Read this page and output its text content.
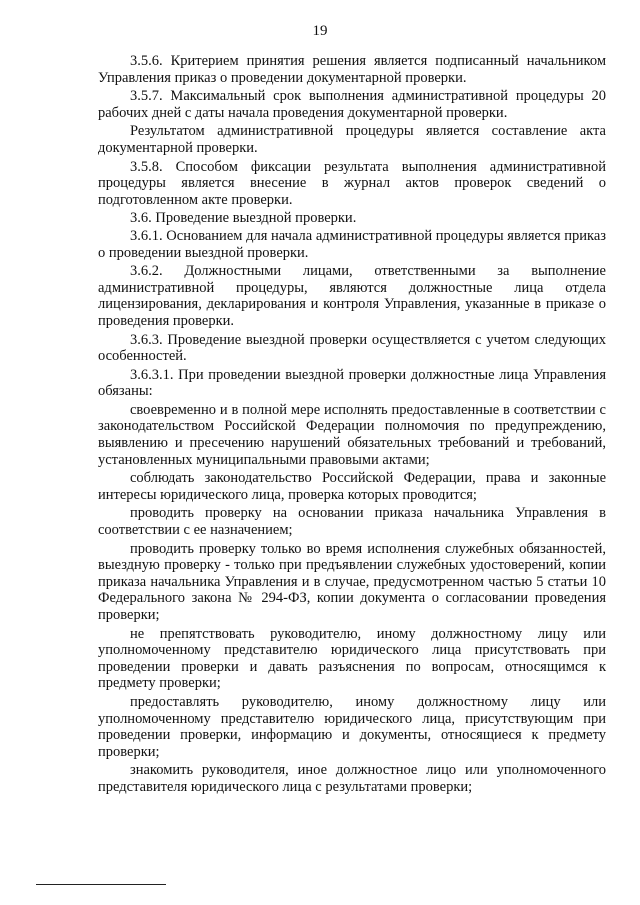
19

3.5.6. Критерием принятия решения является подписанный начальником Управления приказ о проведении документарной проверки.

3.5.7. Максимальный срок выполнения административной процедуры 20 рабочих дней с даты начала проведения документарной проверки.

Результатом административной процедуры является составление акта документарной проверки.

3.5.8. Способом фиксации результата выполнения административной процедуры является внесение в журнал актов проверок сведений о подготовленном акте проверки.

3.6. Проведение выездной проверки.

3.6.1. Основанием для начала административной процедуры является приказ о проведении выездной проверки.

3.6.2. Должностными лицами, ответственными за выполнение административной процедуры, являются должностные лица отдела лицензирования, декларирования и контроля Управления, указанные в приказе о проведения проверки.

3.6.3. Проведение выездной проверки осуществляется с учетом следующих особенностей.

3.6.3.1. При проведении выездной проверки должностные лица Управления обязаны:

своевременно и в полной мере исполнять предоставленные в соответствии с законодательством Российской Федерации полномочия по предупреждению, выявлению и пресечению нарушений обязательных требований и требований, установленных муниципальными правовыми актами;

соблюдать законодательство Российской Федерации, права и законные интересы юридического лица, проверка которых проводится;

проводить проверку на основании приказа начальника Управления в соответствии с ее назначением;

проводить проверку только во время исполнения служебных обязанностей, выездную проверку - только при предъявлении служебных удостоверений, копии приказа начальника Управления и в случае, предусмотренном частью 5 статьи 10 Федерального закона № 294-ФЗ, копии документа о согласовании проведения проверки;

не препятствовать руководителю, иному должностному лицу или уполномоченному представителю юридического лица присутствовать при проведении проверки и давать разъяснения по вопросам, относящимся к предмету проверки;

предоставлять руководителю, иному должностному лицу или уполномоченному представителю юридического лица, присутствующим при проведении проверки, информацию и документы, относящиеся к предмету проверки;

знакомить руководителя, иное должностное лицо или уполномоченного представителя юридического лица с результатами проверки;
